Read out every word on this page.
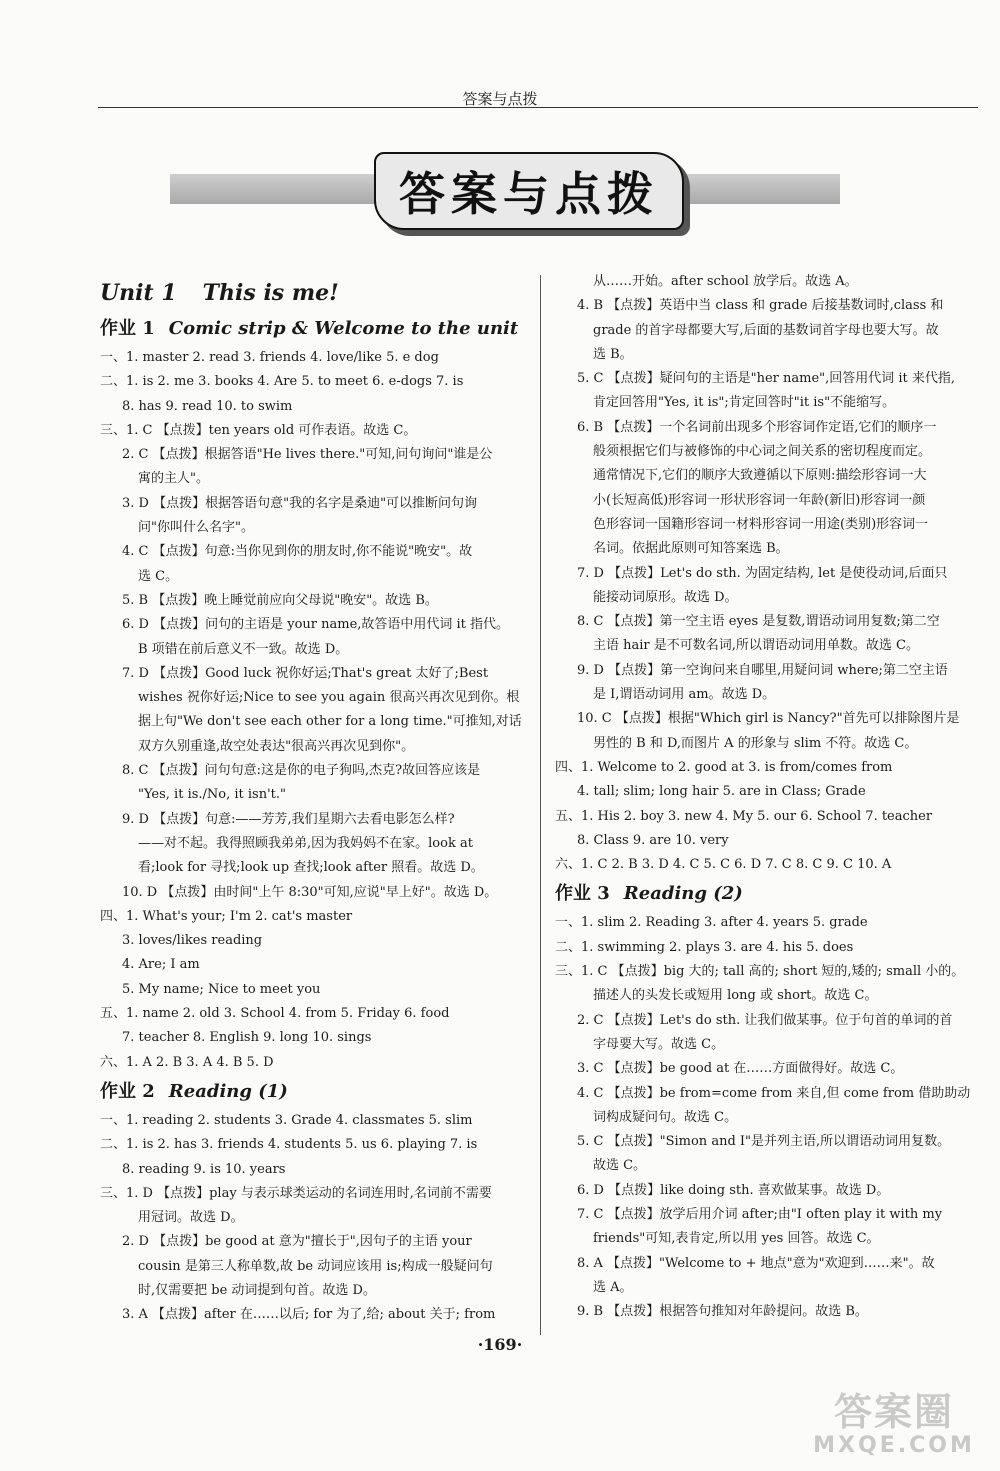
答案与点拨
答案与点拨
Unit 1 This is me!
作业 1 Comic strip & Welcome to the unit
一、1. master 2. read 3. friends 4. love/like 5. e dog
二、1. is 2. me 3. books 4. Are 5. to meet 6. e-dogs 7. is
8. has 9. read 10. to swim
三、1. C 【点拨】ten years old 可作表语。故选 C。
2. C 【点拨】根据答语"He lives there."可知,问句询问"谁是公
寓的主人"。
3. D 【点拨】根据答语句意"我的名字是桑迪"可以推断问句询
问"你叫什么名字"。
4. C 【点拨】句意:当你见到你的朋友时,你不能说"晚安"。故
选 C。
5. B 【点拨】晚上睡觉前应向父母说"晚安"。故选 B。
6. D 【点拨】问句的主语是 your name,故答语中用代词 it 指代。
B 项错在前后意义不一致。故选 D。
7. D 【点拨】Good luck 祝你好运;That's great 太好了;Best
wishes 祝你好运;Nice to see you again 很高兴再次见到你。根
据上句"We don't see each other for a long time."可推知,对话
双方久别重逢,故空处表达"很高兴再次见到你"。
8. C 【点拨】问句句意:这是你的电子狗吗,杰克?故回答应该是
"Yes, it is./No, it isn't."
9. D 【点拨】句意:——芳芳,我们星期六去看电影怎么样?
——对不起。我得照顾我弟弟,因为我妈妈不在家。look at
看;look for 寻找;look up 查找;look after 照看。故选 D。
10. D 【点拨】由时间"上午 8:30"可知,应说"早上好"。故选 D。
四、1. What's your; I'm 2. cat's master
3. loves/likes reading
4. Are; I am
5. My name; Nice to meet you
五、1. name 2. old 3. School 4. from 5. Friday 6. food
7. teacher 8. English 9. long 10. sings
六、1. A 2. B 3. A 4. B 5. D
作业 2 Reading (1)
一、1. reading 2. students 3. Grade 4. classmates 5. slim
二、1. is 2. has 3. friends 4. students 5. us 6. playing 7. is
8. reading 9. is 10. years
三、1. D 【点拨】play 与表示球类运动的名词连用时,名词前不需要
用冠词。故选 D。
2. D 【点拨】be good at 意为"擅长于",因句子的主语 your
cousin 是第三人称单数,故 be 动词应该用 is;构成一般疑问句
时,仅需要把 be 动词提到句首。故选 D。
3. A 【点拨】after 在……以后; for 为了,给; about 关于; from
从……开始。after school 放学后。故选 A。
4. B 【点拨】英语中当 class 和 grade 后接基数词时,class 和
grade 的首字母都要大写,后面的基数词首字母也要大写。故
选 B。
5. C 【点拨】疑问句的主语是"her name",回答用代词 it 来代指,
肯定回答用"Yes, it is";肯定回答时"it is"不能缩写。
6. B 【点拨】一个名词前出现多个形容词作定语,它们的顺序一
般须根据它们与被修饰的中心词之间关系的密切程度而定。
通常情况下,它们的顺序大致遵循以下原则:描绘形容词一大
小(长短高低)形容词一形状形容词一年龄(新旧)形容词一颜
色形容词一国籍形容词一材料形容词一用途(类别)形容词一
名词。依据此原则可知答案选 B。
7. D 【点拨】Let's do sth. 为固定结构, let 是使役动词,后面只
能接动词原形。故选 D。
8. C 【点拨】第一空主语 eyes 是复数,谓语动词用复数;第二空
主语 hair 是不可数名词,所以谓语动词用单数。故选 C。
9. D 【点拨】第一空询问来自哪里,用疑问词 where;第二空主语
是 I,谓语动词用 am。故选 D。
10. C 【点拨】根据"Which girl is Nancy?"首先可以排除图片是
男性的 B 和 D,而图片 A 的形象与 slim 不符。故选 C。
四、1. Welcome to 2. good at 3. is from/comes from
4. tall; slim; long hair 5. are in Class; Grade
五、1. His 2. boy 3. new 4. My 5. our 6. School 7. teacher
8. Class 9. are 10. very
六、1. C 2. B 3. D 4. C 5. C 6. D 7. C 8. C 9. C 10. A
作业 3 Reading (2)
一、1. slim 2. Reading 3. after 4. years 5. grade
二、1. swimming 2. plays 3. are 4. his 5. does
三、1. C 【点拨】big 大的; tall 高的; short 短的,矮的; small 小的。
描述人的头发长或短用 long 或 short。故选 C。
2. C 【点拨】Let's do sth. 让我们做某事。位于句首的单词的首
字母要大写。故选 C。
3. C 【点拨】be good at 在……方面做得好。故选 C。
4. C 【点拨】be from=come from 来自,但 come from 借助助动
词构成疑问句。故选 C。
5. C 【点拨】"Simon and I"是并列主语,所以谓语动词用复数。
故选 C。
6. D 【点拨】like doing sth. 喜欢做某事。故选 D。
7. C 【点拨】放学后用介词 after;由"I often play it with my
friends"可知,表肯定,所以用 yes 回答。故选 C。
8. A 【点拨】"Welcome to + 地点"意为"欢迎到……来"。故
选 A。
9. B 【点拨】根据答句推知对年龄提问。故选 B。
·169·
答案圈
MXQE.COM
